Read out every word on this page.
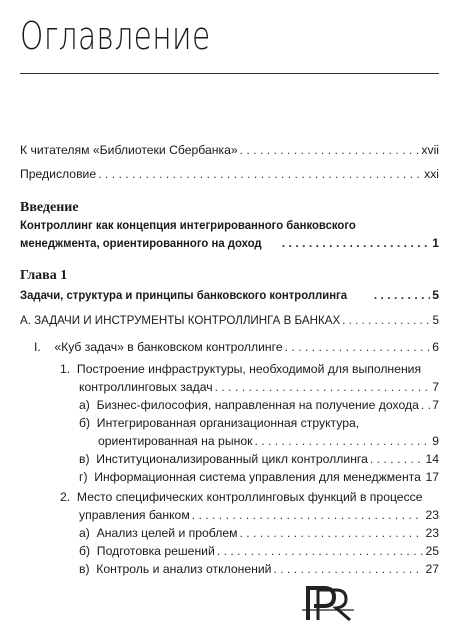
Оглавление
К читателям «Библиотеки Сбербанка» . . .	xvii
Предисловие . . .	xxi
Введение
Контроллинг как концепция интегрированного банковского
менеджмента, ориентированного на доход . . .	1
Глава 1
Задачи, структура и принципы банковского контроллинга . . .	5
А. ЗАДАЧИ И ИНСТРУМЕНТЫ КОНТРОЛЛИНГА В БАНКАХ . . .	5
I.    «Куб задач» в банковском контроллинге . . .	6
1.  Построение инфраструктуры, необходимой для выполнения
контроллинговых задач . . .	7
а)  Бизнес-философия, направленная на получение дохода . . . 7
б)  Интегрированная организационная структура,
ориентированная на рынок . . .	9
в)  Институционализированный цикл контроллинга . . .	14
г)  Информационная система управления для менеджмента . . . 17
2.  Место специфических контроллинговых функций в процессе
управления банком . . .	23
а)  Анализ целей и проблем . . .	23
б)  Подготовка решений . . .	25
в)  Контроль и анализ отклонений . . .	27
